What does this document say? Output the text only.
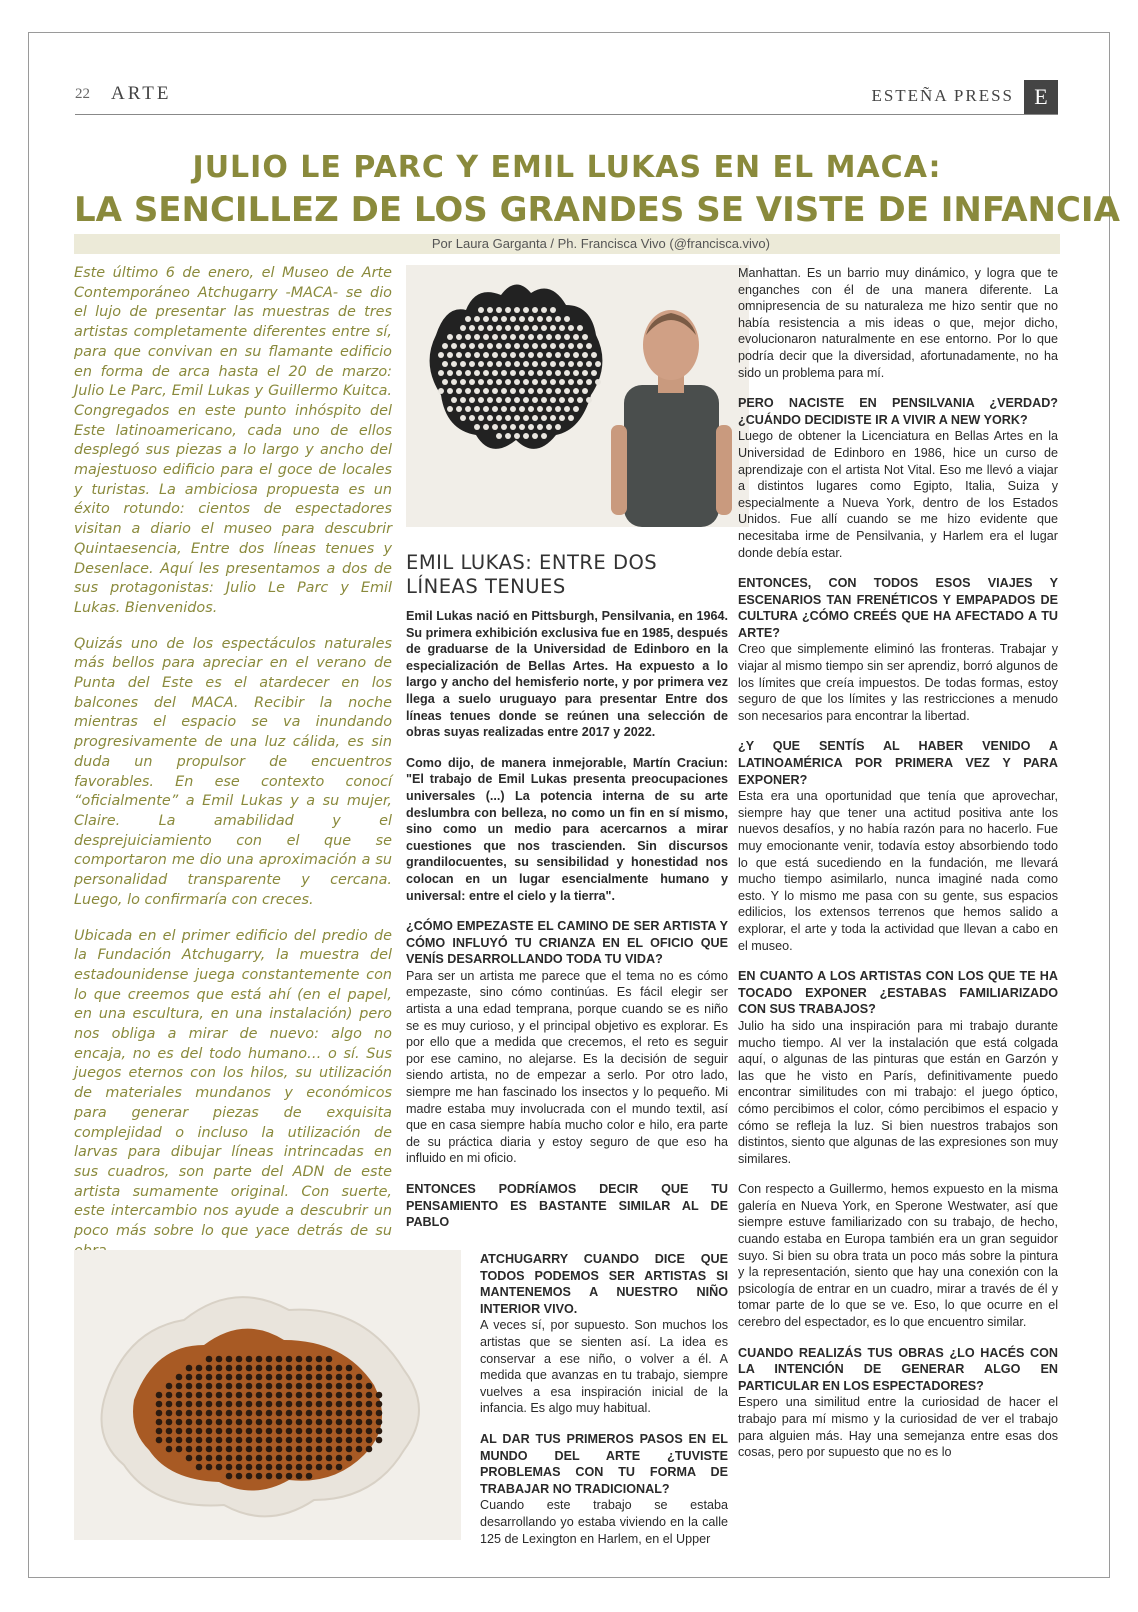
22 ARTE	ESTEÑA PRESS E
JULIO LE PARC Y EMIL LUKAS EN EL MACA:
LA SENCILLEZ DE LOS GRANDES SE VISTE DE INFANCIA
Por Laura Garganta / Ph. Francisca Vivo (@francisca.vivo)

Este último 6 de enero, el Museo de Arte Contemporáneo Atchugarry -MACA- se dio el lujo de presentar las muestras de tres artistas completamente diferentes entre sí, para que convivan en su flamante edificio en forma de arca hasta el 20 de marzo: Julio Le Parc, Emil Lukas y Guillermo Kuitca. Congregados en este punto inhóspito del Este latinoamericano, cada uno de ellos desplegó sus piezas a lo largo y ancho del majestuoso edificio para el goce de locales y turistas. La ambiciosa propuesta es un éxito rotundo: cientos de espectadores visitan a diario el museo para descubrir Quintaesencia, Entre dos líneas tenues y Desenlace. Aquí les presentamos a dos de sus protagonistas: Julio Le Parc y Emil Lukas. Bienvenidos.

Quizás uno de los espectáculos naturales más bellos para apreciar en el verano de Punta del Este es el atardecer en los balcones del MACA. Recibir la noche mientras el espacio se va inundando progresivamente de una luz cálida, es sin duda un propulsor de encuentros favorables. En ese contexto conocí “oficialmente” a Emil Lukas y a su mujer, Claire. La amabilidad y el desprejuiciamiento con el que se comportaron me dio una aproximación a su personalidad transparente y cercana. Luego, lo confirmaría con creces.

Ubicada en el primer edificio del predio de la Fundación Atchugarry, la muestra del estadounidense juega constantemente con lo que creemos que está ahí (en el papel, en una escultura, en una instalación) pero nos obliga a mirar de nuevo: algo no encaja, no es del todo humano… o sí. Sus juegos eternos con los hilos, su utilización de materiales mundanos y económicos para generar piezas de exquisita complejidad o incluso la utilización de larvas para dibujar líneas intrincadas en sus cuadros, son parte del ADN de este artista sumamente original. Con suerte, este intercambio nos ayude a descubrir un poco más sobre lo que yace detrás de su

EMIL LUKAS: ENTRE DOS LÍNEAS TENUES

Emil Lukas nació en Pittsburgh, Pensilvania, en 1964. Su primera exhibición exclusiva fue en 1985, después de graduarse de la Universidad de Edinboro en la especialización de Bellas Artes. Ha expuesto a lo largo y ancho del hemisferio norte, y por primera vez llega a suelo uruguayo para presentar Entre dos líneas tenues donde se reúnen una selección de obras suyas realizadas entre 2017 y 2022.

Como dijo, de manera inmejorable, Martín Craciun: "El trabajo de Emil Lukas presenta preocupaciones universales (...) La potencia interna de su arte deslumbra con belleza, no como un fin en sí mismo, sino como un medio para acercarnos a mirar cuestiones que nos trascienden. Sin discursos grandilocuentes, su sensibilidad y honestidad nos colocan en un lugar esencialmente humano y universal: entre el cielo y la tierra".

¿CÓMO EMPEZASTE EL CAMINO DE SER ARTISTA Y CÓMO INFLUYÓ TU CRIANZA EN EL OFICIO QUE VENÍS DESARROLLANDO TODA TU VIDA?
Para ser un artista me parece que el tema no es cómo empezaste, sino cómo continúas. Es fácil elegir ser artista a una edad temprana, porque cuando se es niño se es muy curioso, y el principal objetivo es explorar. Es por ello que a medida que crecemos, el reto es seguir por ese camino, no alejarse. Es la decisión de seguir siendo artista, no de empezar a serlo. Por otro lado, siempre me han fascinado los insectos y lo pequeño. Mi madre estaba muy involucrada con el mundo textil, así que en casa siempre había mucho color e hilo, era parte de su práctica diaria y estoy seguro de que eso ha influido en mi oficio.

ENTONCES PODRÍAMOS DECIR QUE TU PENSAMIENTO ES BASTANTE SIMILAR AL DE PABLO

ATCHUGARRY CUANDO DICE QUE TODOS PODEMOS SER ARTISTAS SI MANTENEMOS A NUESTRO NIÑO INTERIOR VIVO.
A veces sí, por supuesto. Son muchos los artistas que se sienten así. La idea es conservar a ese niño, o volver a él. A medida que avanzas en tu trabajo, siempre vuelves a esa inspiración inicial de la infancia. Es algo muy habitual.

AL DAR TUS PRIMEROS PASOS EN EL MUNDO DEL ARTE ¿TUVISTE PROBLEMAS CON TU FORMA DE TRABAJAR NO TRADICIONAL?
Cuando este trabajo se estaba desarrollando yo estaba viviendo en la calle 125 de Lexington en Harlem, en el Upper

Manhattan. Es un barrio muy dinámico, y logra que te enganches con él de una manera diferente. La omnipresencia de su naturaleza me hizo sentir que no había resistencia a mis ideas o que, mejor dicho, evolucionaron naturalmente en ese entorno. Por lo que podría decir que la diversidad, afortunadamente, no ha sido un problema para mí.

PERO NACISTE EN PENSILVANIA ¿VERDAD? ¿CUÁNDO DECIDISTE IR A VIVIR A NEW YORK?
Luego de obtener la Licenciatura en Bellas Artes en la Universidad de Edinboro en 1986, hice un curso de aprendizaje con el artista Not Vital. Eso me llevó a viajar a distintos lugares como Egipto, Italia, Suiza y especialmente a Nueva York, dentro de los Estados Unidos. Fue allí cuando se me hizo evidente que necesitaba irme de Pensilvania, y Harlem era el lugar donde debía estar.

ENTONCES, CON TODOS ESOS VIAJES Y ESCENARIOS TAN FRENÉTICOS Y EMPAPADOS DE CULTURA ¿CÓMO CREÉS QUE HA AFECTADO A TU ARTE?
Creo que simplemente eliminó las fronteras. Trabajar y viajar al mismo tiempo sin ser aprendiz, borró algunos de los límites que creía impuestos. De todas formas, estoy seguro de que los límites y las restricciones a menudo son necesarios para encontrar la libertad.

¿Y QUE SENTÍS AL HABER VENIDO A LATINOAMÉRICA POR PRIMERA VEZ Y PARA EXPONER?
Esta era una oportunidad que tenía que aprovechar, siempre hay que tener una actitud positiva ante los nuevos desafíos, y no había razón para no hacerlo. Fue muy emocionante venir, todavía estoy absorbiendo todo lo que está sucediendo en la fundación, me llevará mucho tiempo asimilarlo, nunca imaginé nada como esto. Y lo mismo me pasa con su gente, sus espacios edilicios, los extensos terrenos que hemos salido a explorar, el arte y toda la actividad que llevan a cabo en el museo.

EN CUANTO A LOS ARTISTAS CON LOS QUE TE HA TOCADO EXPONER ¿ESTABAS FAMILIARIZADO CON SUS TRABAJOS?
Julio ha sido una inspiración para mi trabajo durante mucho tiempo. Al ver la instalación que está colgada aquí, o algunas de las pinturas que están en Garzón y las que he visto en París, definitivamente puedo encontrar similitudes con mi trabajo: el juego óptico, cómo percibimos el color, cómo percibimos el espacio y cómo se refleja la luz. Si bien nuestros trabajos son distintos, siento que algunas de las expresiones son muy similares.

Con respecto a Guillermo, hemos expuesto en la misma galería en Nueva York, en Sperone Westwater, así que siempre estuve familiarizado con su trabajo, de hecho, cuando estaba en Europa también era un gran seguidor suyo. Si bien su obra trata un poco más sobre la pintura y la representación, siento que hay una conexión con la psicología de entrar en un cuadro, mirar a través de él y tomar parte de lo que se ve. Eso, lo que ocurre en el cerebro del espectador, es lo que encuentro similar.

CUANDO REALIZÁS TUS OBRAS ¿LO HACÉS CON LA INTENCIÓN DE GENERAR ALGO EN PARTICULAR EN LOS ESPECTADORES?
Espero una similitud entre la curiosidad de hacer el trabajo para mí mismo y la curiosidad de ver el trabajo para alguien más. Hay una semejanza entre esas dos cosas, pero por supuesto que no es lo
